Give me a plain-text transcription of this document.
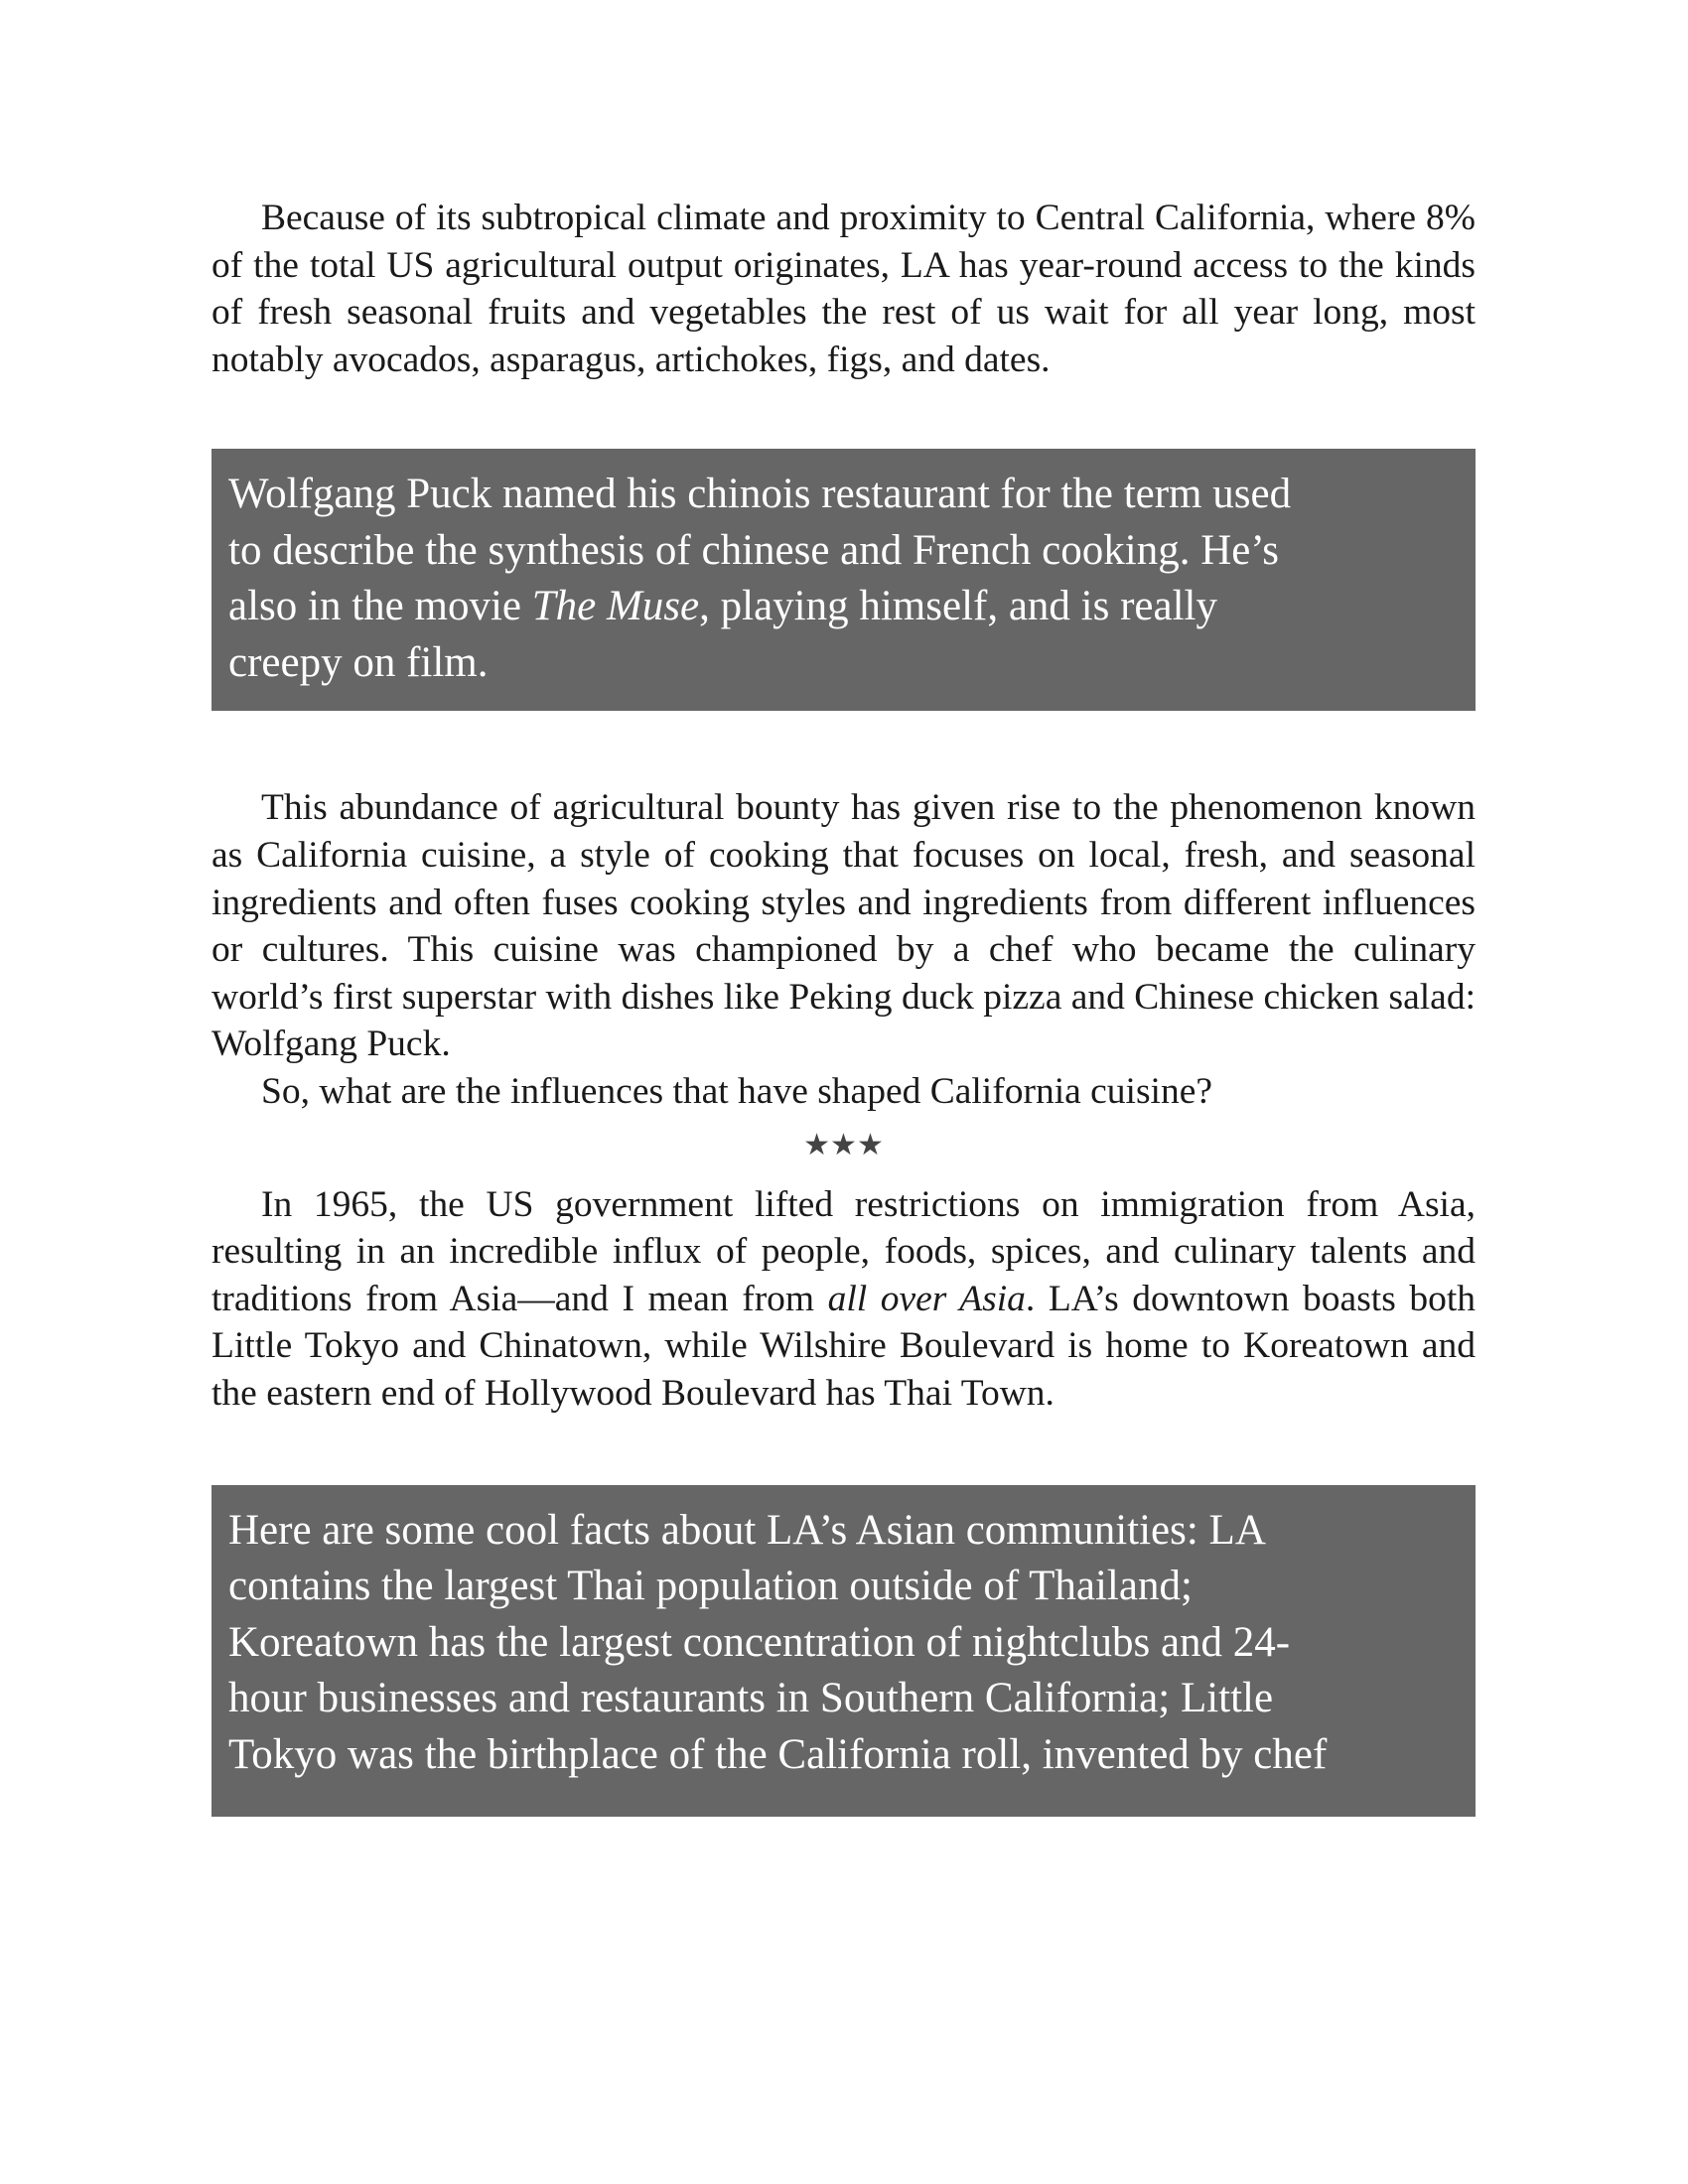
Because of its subtropical climate and proximity to Central California, where 8% of the total US agricultural output originates, LA has year-round access to the kinds of fresh seasonal fruits and vegetables the rest of us wait for all year long, most notably avocados, asparagus, artichokes, figs, and dates.

Wolfgang Puck named his chinois restaurant for the term used
to describe the synthesis of chinese and French cooking. He’s
also in the movie The Muse, playing himself, and is really
creepy on film.

This abundance of agricultural bounty has given rise to the phenomenon known as California cuisine, a style of cooking that focuses on local, fresh, and seasonal ingredients and often fuses cooking styles and ingredients from different influences or cultures. This cuisine was championed by a chef who became the culinary world’s first superstar with dishes like Peking duck pizza and Chinese chicken salad: Wolfgang Puck.

So, what are the influences that have shaped California cuisine?

★★★

In 1965, the US government lifted restrictions on immigration from Asia, resulting in an incredible influx of people, foods, spices, and culinary talents and traditions from Asia—and I mean from all over Asia. LA’s downtown boasts both Little Tokyo and Chinatown, while Wilshire Boulevard is home to Koreatown and the eastern end of Hollywood Boulevard has Thai Town.

Here are some cool facts about LA’s Asian communities: LA
contains the largest Thai population outside of Thailand;
Koreatown has the largest concentration of nightclubs and 24-
hour businesses and restaurants in Southern California; Little
Tokyo was the birthplace of the California roll, invented by chef
